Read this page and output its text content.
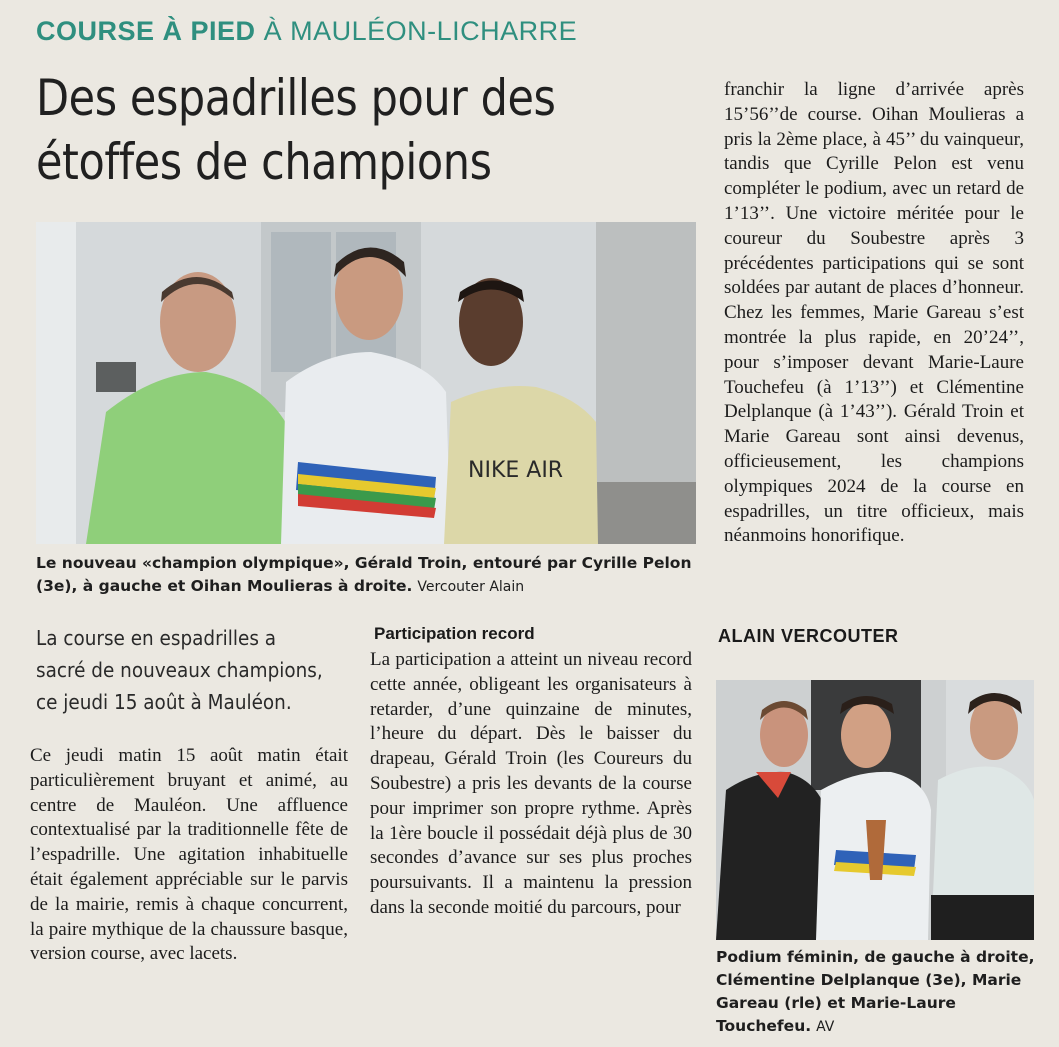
COURSE À PIED À MAULÉON-LICHARRE
Des espadrilles pour des étoffes de champions
NIKE AIR
Le nouveau «champion olympique», Gérald Troin, entouré par Cyrille Pelon (3e), à gauche et Oihan Moulieras à droite. Vercouter Alain
La course en espadrilles a sacré de nouveaux champions, ce jeudi 15 août à Mauléon.
Ce jeudi matin 15 août matin était particulièrement bruyant et animé, au centre de Mauléon. Une affluence contextualisé par la traditionnelle fête de l’espadrille. Une agitation inhabituelle était également appréciable sur le parvis de la mairie, remis à chaque concurrent, la paire mythique de la chaussure basque, version course, avec lacets.
Participation record
La participation a atteint un niveau record cette année, obligeant les organisateurs à retarder, d’une quinzaine de minutes, l’heure du départ. Dès le baisser du drapeau, Gérald Troin (les Coureurs du Soubestre) a pris les devants de la course pour imprimer son propre rythme. Après la 1ère boucle il possédait déjà plus de 30 secondes d’avance sur ses plus proches poursuivants. Il a maintenu la pression dans la seconde moitié du parcours, pour
franchir la ligne d’arrivée après 15’56’’de course. Oihan Moulieras a pris la 2ème place, à 45’’ du vainqueur, tandis que Cyrille Pelon est venu compléter le podium, avec un retard de 1’13’’. Une victoire méritée pour le coureur du Soubestre après 3 précédentes participations qui se sont soldées par autant de places d’honneur. Chez les femmes, Marie Gareau s’est montrée la plus rapide, en 20’24’’, pour s’imposer devant Marie-Laure Touchefeu (à 1’13’’) et Clémentine Delplanque (à 1’43’’). Gérald Troin et Marie Gareau sont ainsi devenus, officieusement, les champions olympiques 2024 de la course en espadrilles, un titre officieux, mais néanmoins honorifique.
ALAIN VERCOUTER
Podium féminin, de gauche à droite, Clémentine Delplanque (3e), Marie Gareau (rle) et Marie-Laure Touchefeu. AV
